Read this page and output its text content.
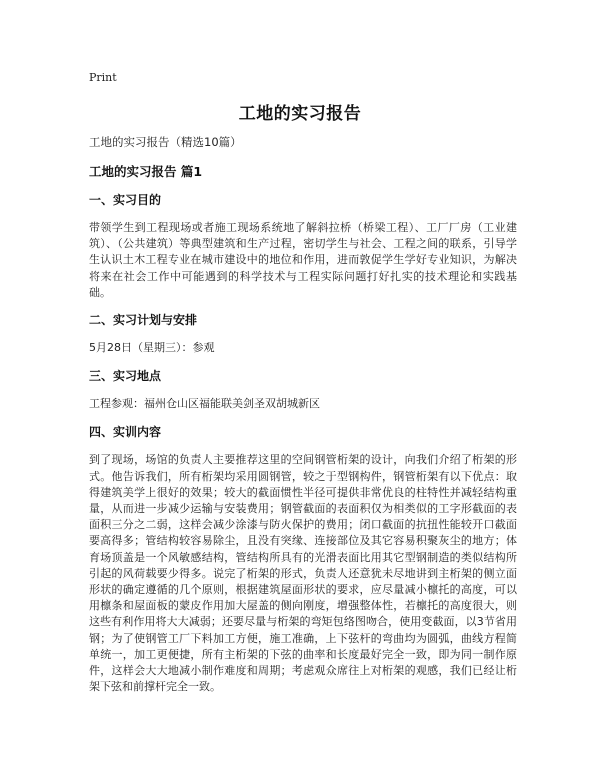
Print
工地的实习报告

工地的实习报告（精选10篇）

工地的实习报告 篇1
一、实习目的

带领学生到工程现场或者施工现场系统地了解斜拉桥（桥梁工程）、工厂厂房（工业建筑）、（公共建筑）等典型建筑和生产过程，密切学生与社会、工程之间的联系，引导学生认识土木工程专业在城市建设中的地位和作用，进而敦促学生学好专业知识，为解决将来在社会工作中可能遇到的科学技术与工程实际问题打好扎实的技术理论和实践基础。

二、实习计划与安排

5月28日（星期三）：参观

三、实习地点

工程参观：福州仓山区福能联美剑圣双胡城新区

四、实训内容

到了现场，场馆的负责人主要推荐这里的空间钢管桁架的设计，向我们介绍了桁架的形式。他告诉我们，所有桁架均采用圆钢管，较之于型钢构件，钢管桁架有以下优点：取得建筑美学上很好的效果；较大的截面惯性半径可提供非常优良的柱特性并减轻结构重量，从而进一步减少运输与安装费用；钢管截面的表面积仅为相类似的工字形截面的表面积三分之二弱，这样会减少涂漆与防火保护的费用；闭口截面的抗扭性能较开口截面要高得多；管结构较容易除尘，且没有突缘、连接部位及其它容易积聚灰尘的地方；体育场顶盖是一个风敏感结构，管结构所具有的光滑表面比用其它型钢制造的类似结构所引起的风荷载要少得多。说完了桁架的形式，负责人还意犹未尽地讲到主桁架的侧立面形状的确定遵循的几个原则，根据建筑屋面形状的要求，应尽量减小檩托的高度，可以用檩条和屋面板的蒙皮作用加大屋盖的侧向刚度，增强整体性，若檩托的高度很大，则这些有利作用将大大减弱；还要尽量与桁架的弯矩包络图吻合，使用变截面，以3节省用钢；为了使钢管工厂下料加工方便，施工准确，上下弦杆的弯曲均为圆弧，曲线方程简单统一，加工更便捷，所有主桁架的下弦的曲率和长度最好完全一致，即为同一制作原件，这样会大大地减小制作难度和周期；考虑观众席往上对桁架的观感，我们已经让桁架下弦和前撑杆完全一致。
